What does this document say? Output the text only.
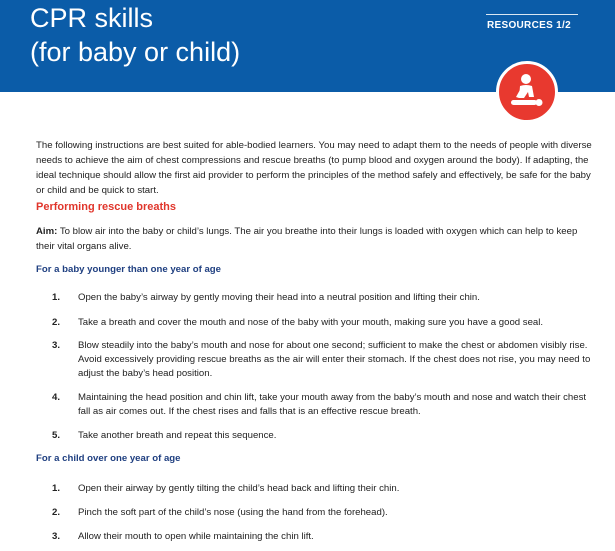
CPR skills
(for baby or child)
RESOURCES 1/2
The following instructions are best suited for able-bodied learners. You may need to adapt them to the needs of people with diverse needs to achieve the aim of chest compressions and rescue breaths (to pump blood and oxygen around the body). If adapting, the ideal technique should allow the first aid provider to perform the principles of the method safely and effectively, be safe for the baby or child and be quick to start.
Performing rescue breaths
Aim: To blow air into the baby or child’s lungs. The air you breathe into their lungs is loaded with oxygen which can help to keep their vital organs alive.
For a baby younger than one year of age
1. Open the baby’s airway by gently moving their head into a neutral position and lifting their chin.
2. Take a breath and cover the mouth and nose of the baby with your mouth, making sure you have a good seal.
3. Blow steadily into the baby’s mouth and nose for about one second; sufficient to make the chest or abdomen visibly rise. Avoid excessively providing rescue breaths as the air will enter their stomach. If the chest does not rise, you may need to adjust the baby’s head position.
4. Maintaining the head position and chin lift, take your mouth away from the baby’s mouth and nose and watch their chest fall as air comes out. If the chest rises and falls that is an effective rescue breath.
5. Take another breath and repeat this sequence.
For a child over one year of age
1. Open their airway by gently tilting the child’s head back and lifting their chin.
2. Pinch the soft part of the child’s nose (using the hand from the forehead).
3. Allow their mouth to open while maintaining the chin lift.
